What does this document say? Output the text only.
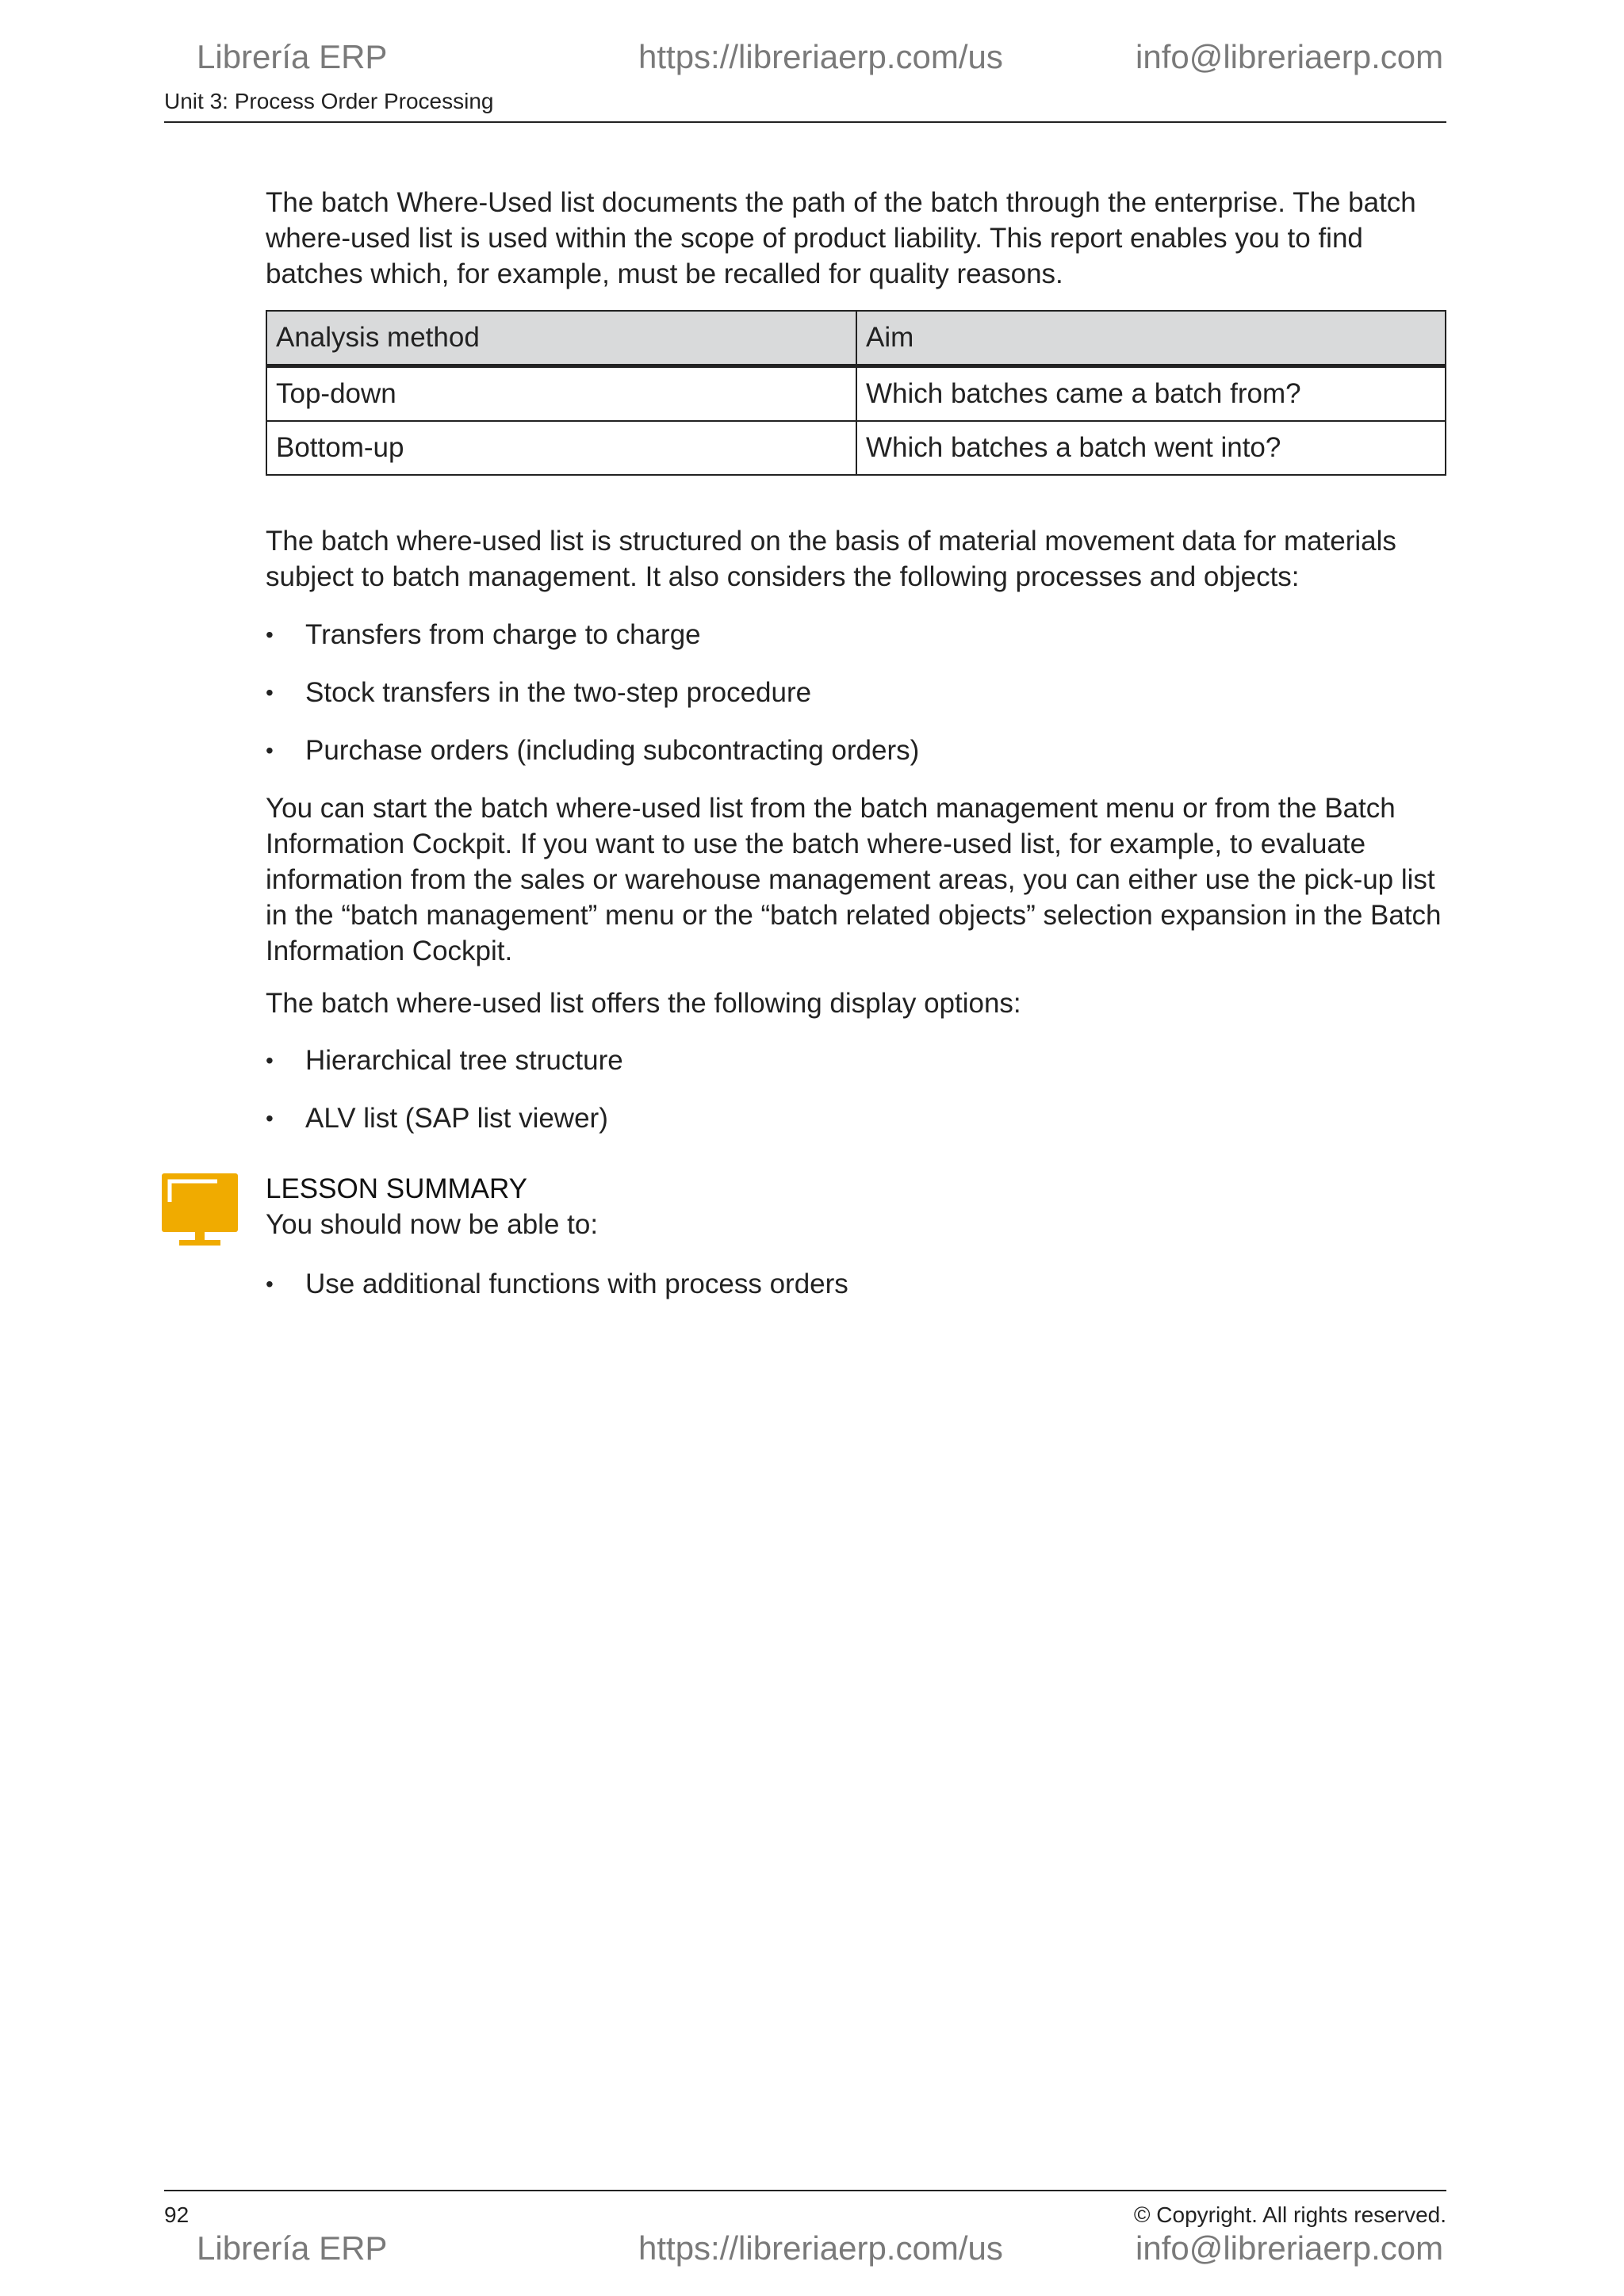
Librería ERP	https://libreriaerp.com/us	info@libreriaerp.com
Unit 3: Process Order Processing

The batch Where-Used list documents the path of the batch through the enterprise. The batch where-used list is used within the scope of product liability. This report enables you to find batches which, for example, must be recalled for quality reasons.

Analysis method	Aim
Top-down	Which batches came a batch from?
Bottom-up	Which batches a batch went into?

The batch where-used list is structured on the basis of material movement data for materials subject to batch management. It also considers the following processes and objects:

• Transfers from charge to charge
• Stock transfers in the two-step procedure
• Purchase orders (including subcontracting orders)

You can start the batch where-used list from the batch management menu or from the Batch Information Cockpit. If you want to use the batch where-used list, for example, to evaluate information from the sales or warehouse management areas, you can either use the pick-up list in the “batch management” menu or the “batch related objects” selection expansion in the Batch Information Cockpit.

The batch where-used list offers the following display options:

• Hierarchical tree structure
• ALV list (SAP list viewer)
LESSON SUMMARY

You should now be able to:

• Use additional functions with process orders
92	© Copyright. All rights reserved.
Librería ERP	https://libreriaerp.com/us	info@libreriaerp.com
